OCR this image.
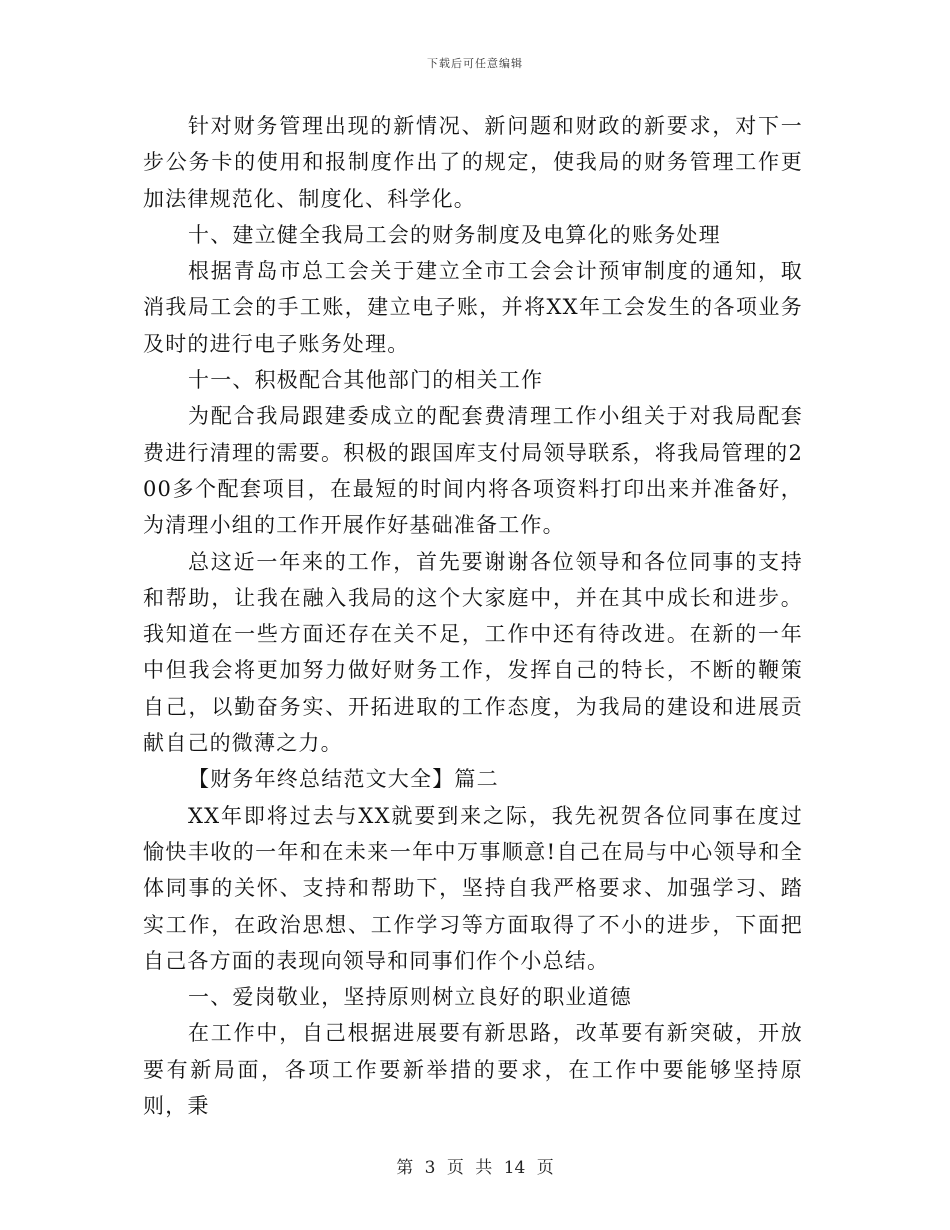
下载后可任意编辑

针对财务管理出现的新情况、新问题和财政的新要求，对下一步公务卡的使用和报制度作出了的规定，使我局的财务管理工作更加法律规范化、制度化、科学化。

十、建立健全我局工会的财务制度及电算化的账务处理

根据青岛市总工会关于建立全市工会会计预审制度的通知，取消我局工会的手工账，建立电子账，并将XX年工会发生的各项业务及时的进行电子账务处理。

十一、积极配合其他部门的相关工作

为配合我局跟建委成立的配套费清理工作小组关于对我局配套费进行清理的需要。积极的跟国库支付局领导联系，将我局管理的200多个配套项目，在最短的时间内将各项资料打印出来并准备好，为清理小组的工作开展作好基础准备工作。

总这近一年来的工作，首先要谢谢各位领导和各位同事的支持和帮助，让我在融入我局的这个大家庭中，并在其中成长和进步。我知道在一些方面还存在关不足，工作中还有待改进。在新的一年中但我会将更加努力做好财务工作，发挥自己的特长，不断的鞭策自己，以勤奋务实、开拓进取的工作态度，为我局的建设和进展贡献自己的微薄之力。

【财务年终总结范文大全】篇二

XX年即将过去与XX就要到来之际，我先祝贺各位同事在度过愉快丰收的一年和在未来一年中万事顺意!自己在局与中心领导和全体同事的关怀、支持和帮助下，坚持自我严格要求、加强学习、踏实工作，在政治思想、工作学习等方面取得了不小的进步，下面把自己各方面的表现向领导和同事们作个小总结。

一、爱岗敬业，坚持原则树立良好的职业道德

在工作中，自己根据进展要有新思路，改革要有新突破，开放要有新局面，各项工作要新举措的要求，在工作中要能够坚持原则，秉

第 3 页 共 14 页
